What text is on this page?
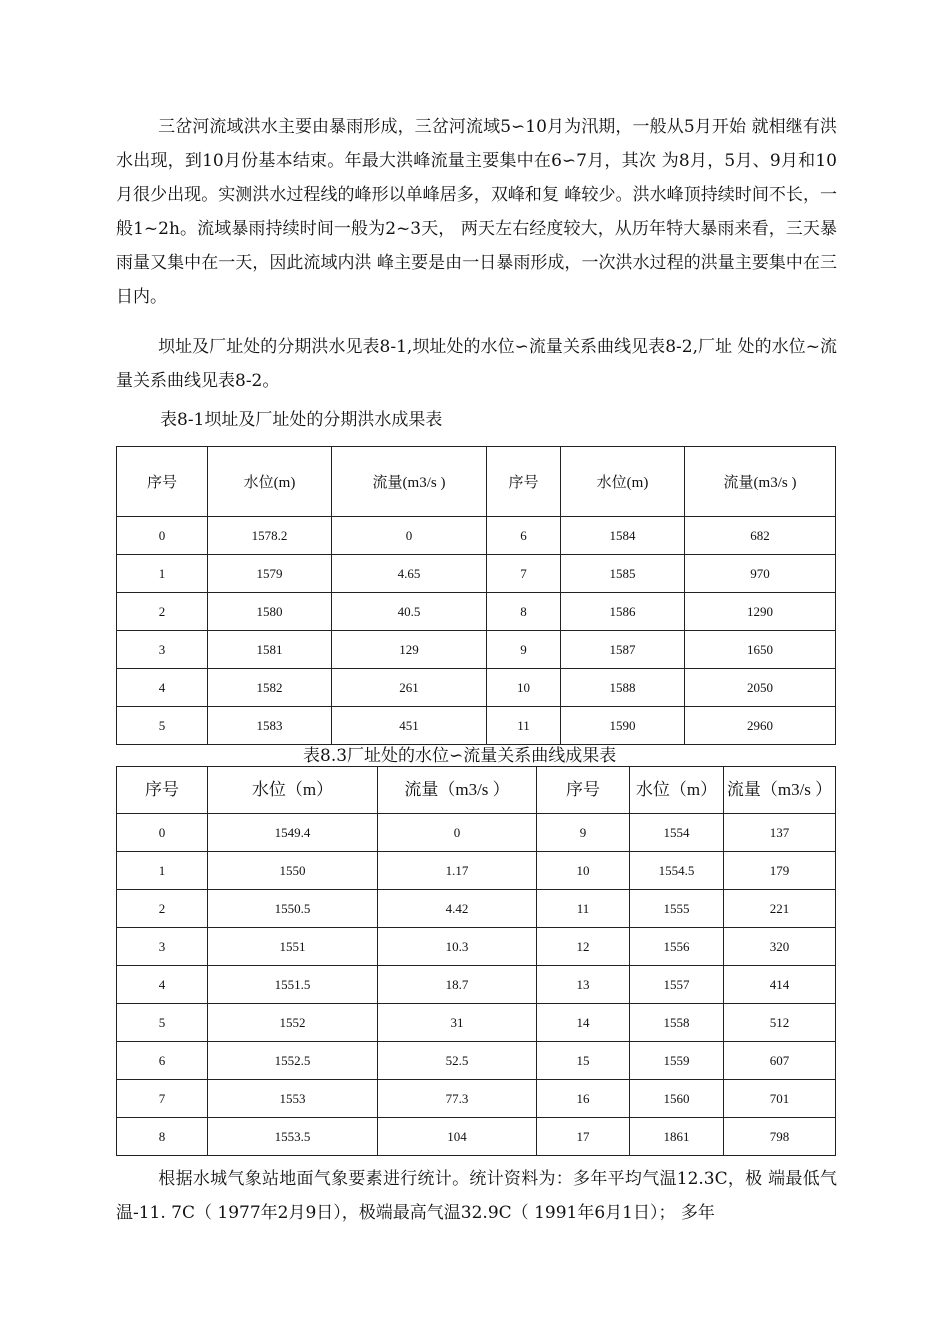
三岔河流域洪水主要由暴雨形成，三岔河流域5∽10月为汛期，一般从5月开始 就相继有洪水出现，到10月份基本结束。年最大洪峰流量主要集中在6∽7月，其次 为8月，5月、9月和10月很少出现。实测洪水过程线的峰形以单峰居多，双峰和复 峰较少。洪水峰顶持续时间不长，一般1~2h。流域暴雨持续时间一般为2~3天， 两天左右经度较大，从历年特大暴雨来看，三天暴雨量又集中在一天，因此流域内洪 峰主要是由一日暴雨形成，一次洪水过程的洪量主要集中在三日内。

坝址及厂址处的分期洪水见表8-1,坝址处的水位∽流量关系曲线见表8-2,厂址 处的水位~流量关系曲线见表8-2。

表8-1坝址及厂址处的分期洪水成果表
序号	水位(m)	流量(m3/s )	序号	水位(m)	流量(m3/s )
0	1578.2	0	6	1584	682
1	1579	4.65	7	1585	970
2	1580	40.5	8	1586	1290
3	1581	129	9	1587	1650
4	1582	261	10	1588	2050
5	1583	451	11	1590	2960
表8.3厂址处的水位∽流量关系曲线成果表
序号	水位（m）	流量（m3/s ）	序号	水位（m）	流量（m3/s ）
0	1549.4	0	9	1554	137
1	1550	1.17	10	1554.5	179
2	1550.5	4.42	11	1555	221
3	1551	10.3	12	1556	320
4	1551.5	18.7	13	1557	414
5	1552	31	14	1558	512
6	1552.5	52.5	15	1559	607
7	1553	77.3	16	1560	701
8	1553.5	104	17	1861	798

根据水城气象站地面气象要素进行统计。统计资料为：多年平均气温12.3C，极 端最低气温-11. 7C（ 1977年2月9日），极端最高气温32.9C（ 1991年6月1日）； 多年
